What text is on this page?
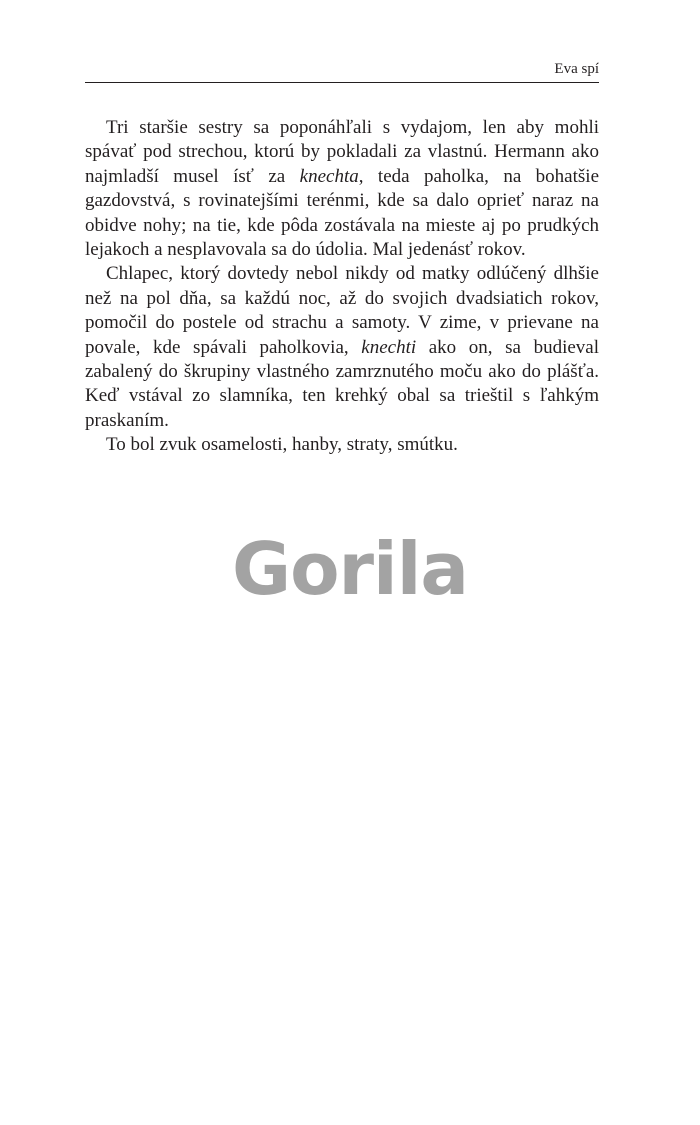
Eva spí

Tri staršie sestry sa poponáhľali s vydajom, len aby mohli spávať pod strechou, ktorú by pokladali za vlastnú. Hermann ako najmladší musel ísť za knechta, teda paholka, na bohatšie gazdovstvá, s rovinatejšími terénmi, kde sa dalo oprieť naraz na obidve nohy; na tie, kde pôda zostávala na mieste aj po prudkých lejakoch a nesplavovala sa do údolia. Mal jedenásť rokov.

Chlapec, ktorý dovtedy nebol nikdy od matky odlúčený dlhšie než na pol dňa, sa každú noc, až do svojich dvadsiatich rokov, pomočil do postele od strachu a samoty. V zime, v prievane na povale, kde spávali paholkovia, knechti ako on, sa budieval zabalený do škrupiny vlastného zamrznutého moču ako do plášťa. Keď vstával zo slamníka, ten krehký obal sa trieštil s ľahkým praskaním.

To bol zvuk osamelosti, hanby, straty, smútku.

Gorila
